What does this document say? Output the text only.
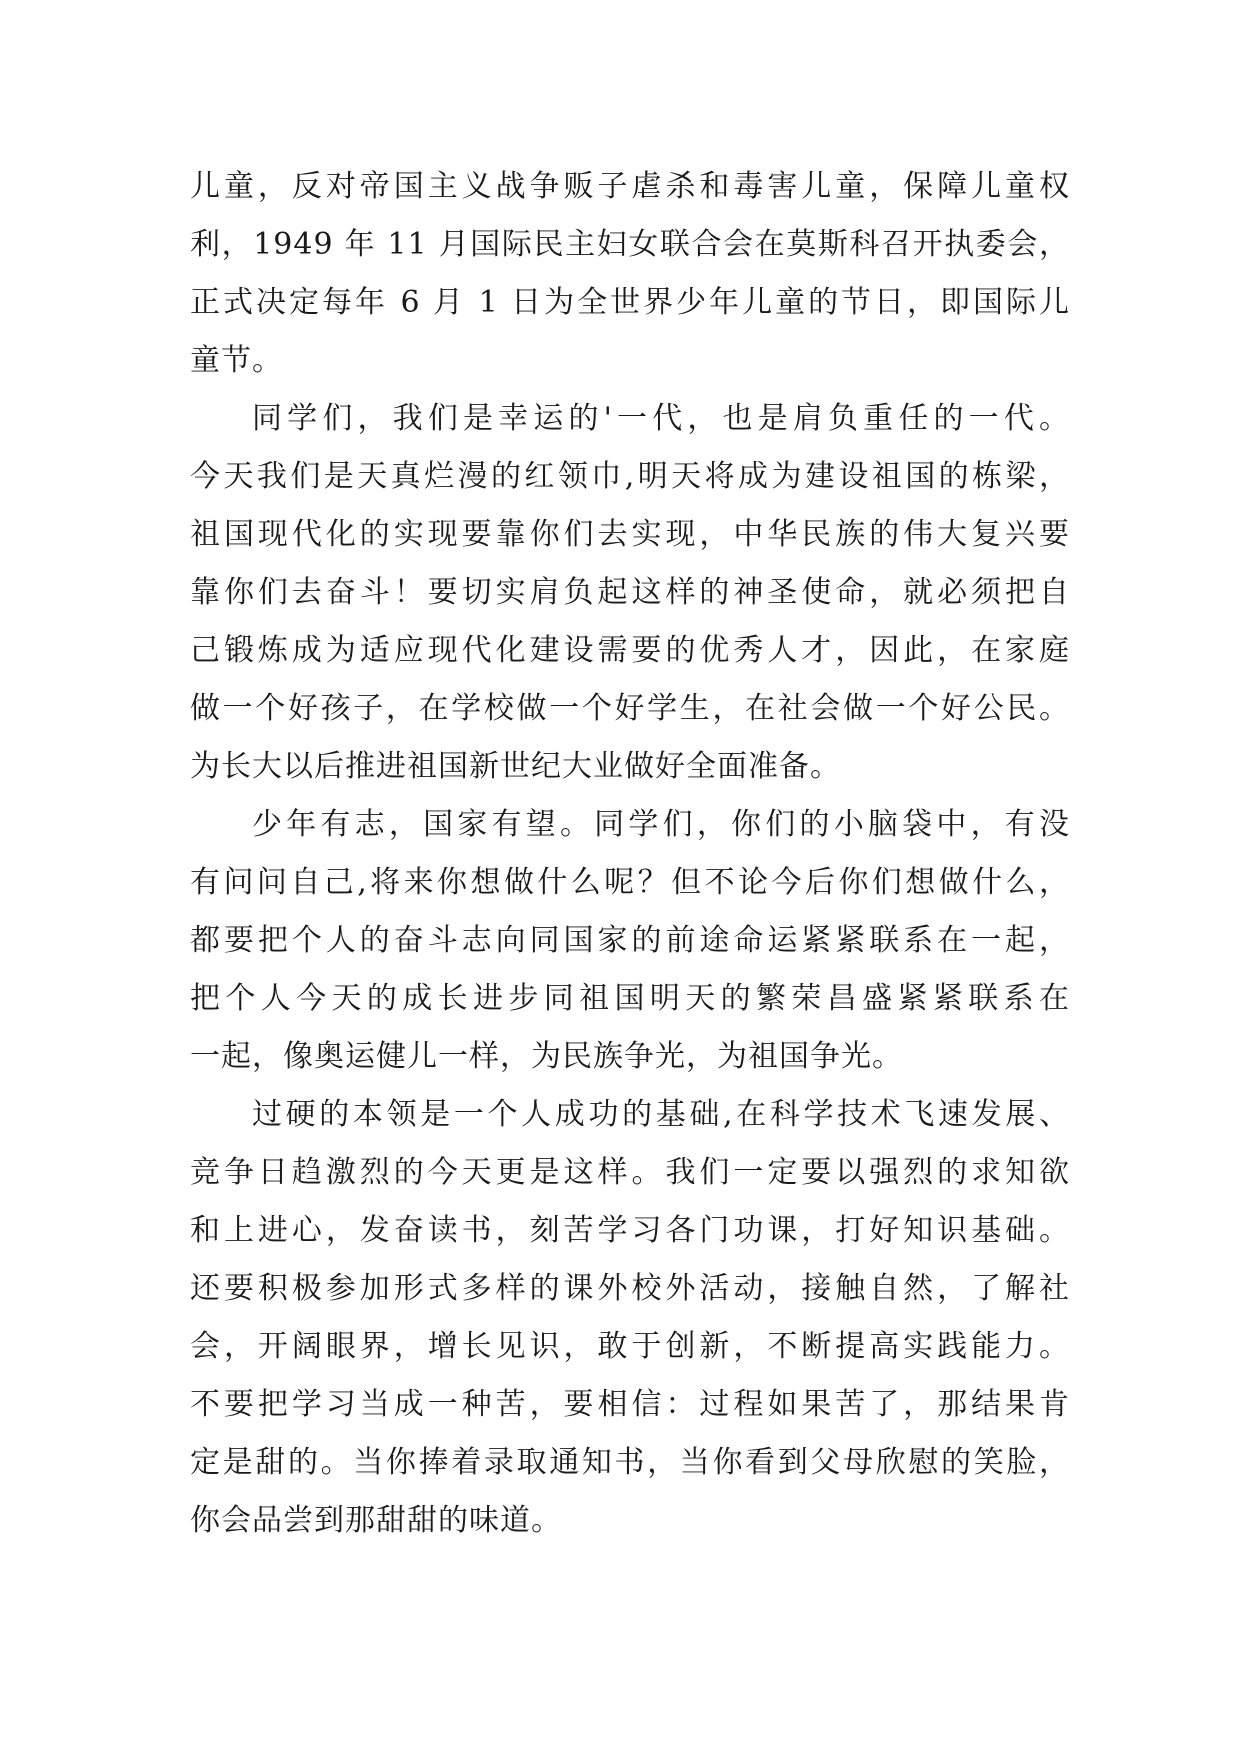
儿童，反对帝国主义战争贩子虐杀和毒害儿童，保障儿童权
利，1949 年 11 月国际民主妇女联合会在莫斯科召开执委会，
正式决定每年 6 月 1 日为全世界少年儿童的节日，即国际儿
童节。
同学们，我们是幸运的'一代，也是肩负重任的一代。
今天我们是天真烂漫的红领巾,明天将成为建设祖国的栋梁，
祖国现代化的实现要靠你们去实现，中华民族的伟大复兴要
靠你们去奋斗！要切实肩负起这样的神圣使命，就必须把自
己锻炼成为适应现代化建设需要的优秀人才，因此，在家庭
做一个好孩子，在学校做一个好学生，在社会做一个好公民。
为长大以后推进祖国新世纪大业做好全面准备。
少年有志，国家有望。同学们，你们的小脑袋中，有没
有问问自己,将来你想做什么呢？但不论今后你们想做什么，
都要把个人的奋斗志向同国家的前途命运紧紧联系在一起，
把个人今天的成长进步同祖国明天的繁荣昌盛紧紧联系在
一起，像奥运健儿一样，为民族争光，为祖国争光。
过硬的本领是一个人成功的基础,在科学技术飞速发展、
竞争日趋激烈的今天更是这样。我们一定要以强烈的求知欲
和上进心，发奋读书，刻苦学习各门功课，打好知识基础。
还要积极参加形式多样的课外校外活动，接触自然，了解社
会，开阔眼界，增长见识，敢于创新，不断提高实践能力。
不要把学习当成一种苦，要相信：过程如果苦了，那结果肯
定是甜的。当你捧着录取通知书，当你看到父母欣慰的笑脸，
你会品尝到那甜甜的味道。
